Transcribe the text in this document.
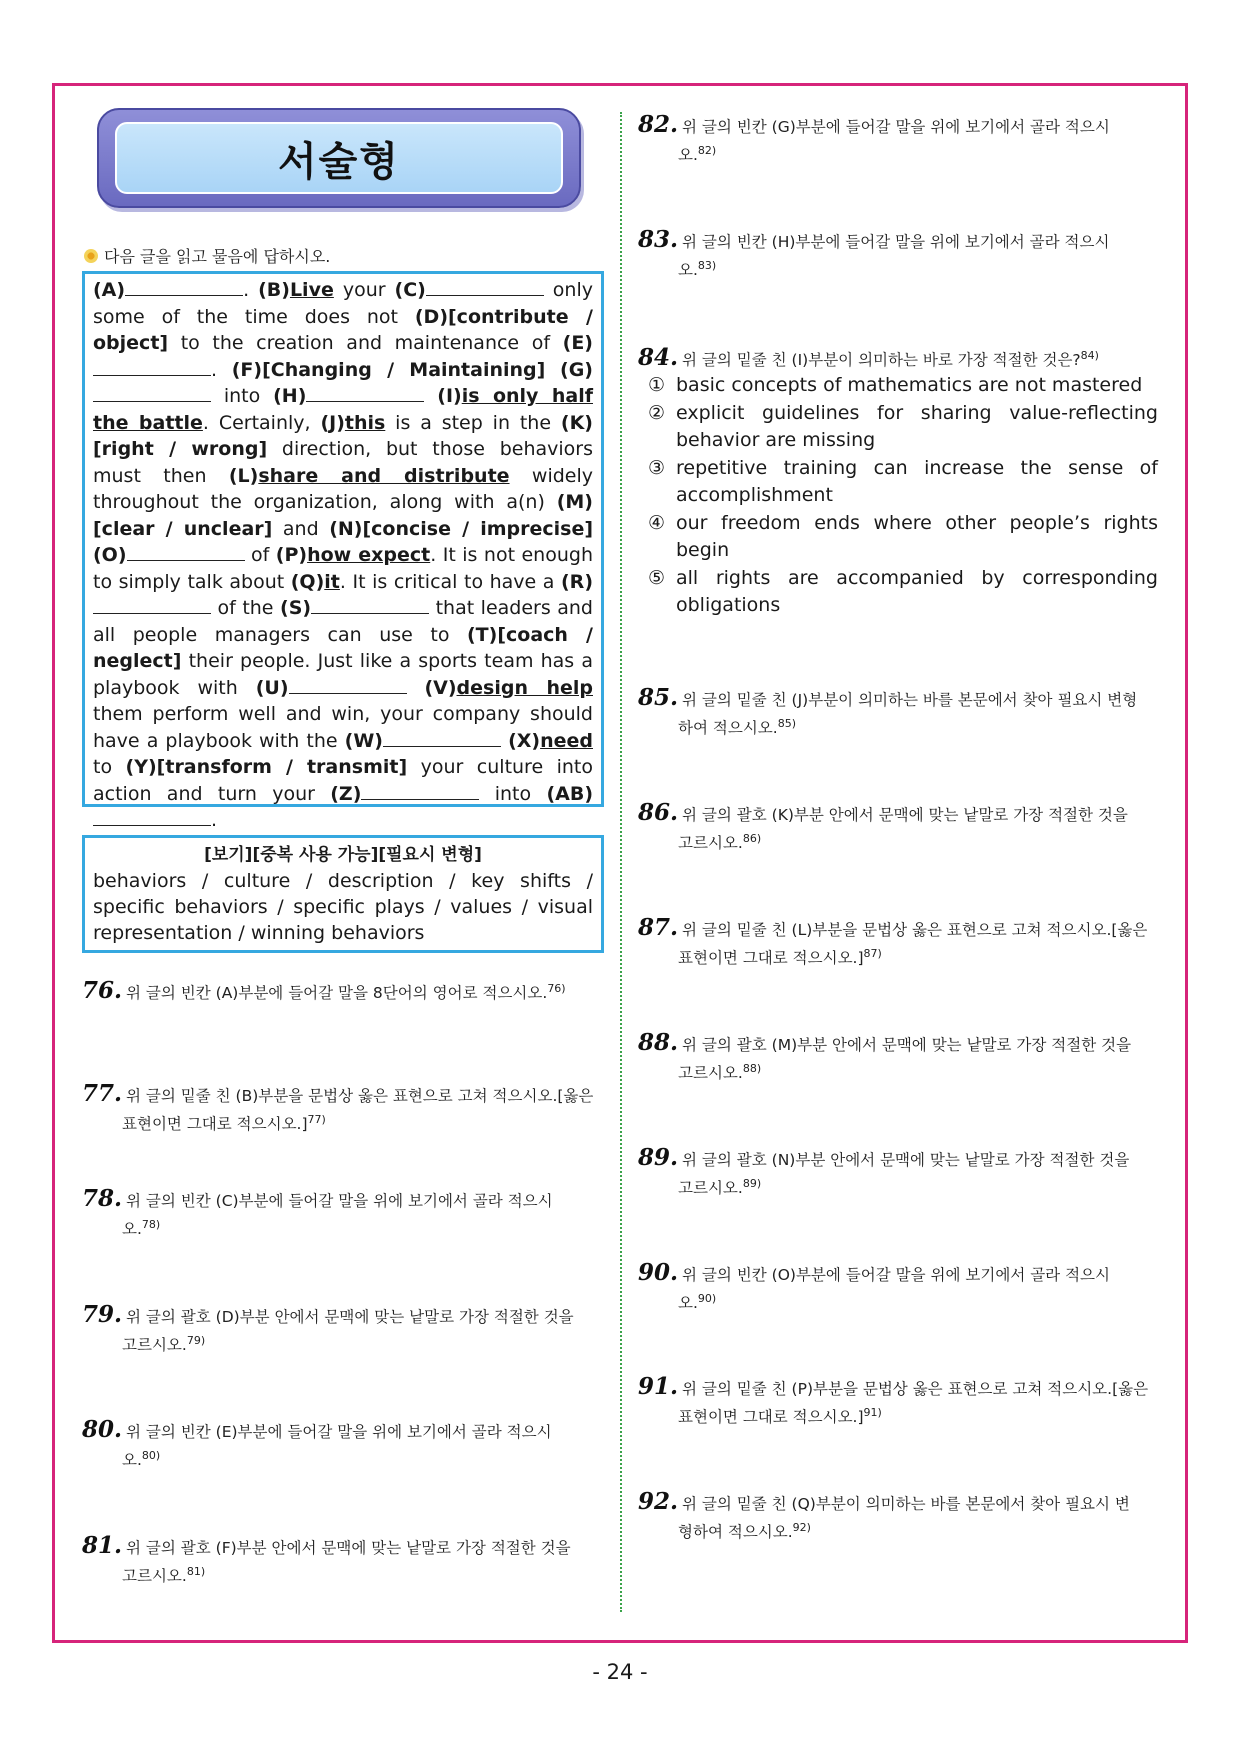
서술형
다음 글을 읽고 물음에 답하시오.
(A)	. (B)Live your (C)	only some of the time does not (D)[contribute / object] to the creation and maintenance of (E). (F)[Changing / Maintaining] (G) into (H)	(I)is only half the battle. Certainly, (J)this is a step in the (K)[right / wrong] direction, but those behaviors must then (L)share and distribute widely throughout the organization, along with a(n) (M)[clear / unclear] and (N)[concise / imprecise] (O)	of (P)how expect. It is not enough to simply talk about (Q)it. It is critical to have a (R) of the (S)	that leaders and all people managers can use to (T)[coach / neglect] their people. Just like a sports team has a playbook with (U)	(V)design help them perform well and win, your company should have a playbook with the (W)	(X)need to (Y)[transform / transmit] your culture into action and turn your (Z)	into (AB).
[보기][중복 사용 가능][필요시 변형]
behaviors / culture / description / key shifts / specific behaviors / specific plays / values / visual representation / winning behaviors
76. 위 글의 빈칸 (A)부분에 들어갈 말을 8단어의 영어로 적으시오.$^{76)}$
77. 위 글의 밑줄 친 (B)부분을 문법상 옳은 표현으로 고쳐 적으시오.[옳은
표현이면 그대로 적으시오.]$^{77)}$
78. 위 글의 빈칸 (C)부분에 들어갈 말을 위에 보기에서 골라 적으시
오.$^{78)}$
79. 위 글의 괄호 (D)부분 안에서 문맥에 맞는 낱말로 가장 적절한 것을
고르시오.$^{79)}$
80. 위 글의 빈칸 (E)부분에 들어갈 말을 위에 보기에서 골라 적으시
오.$^{80)}$
81. 위 글의 괄호 (F)부분 안에서 문맥에 맞는 낱말로 가장 적절한 것을
고르시오.$^{81)}$
82. 위 글의 빈칸 (G)부분에 들어갈 말을 위에 보기에서 골라 적으시
오.$^{82)}$
83. 위 글의 빈칸 (H)부분에 들어갈 말을 위에 보기에서 골라 적으시
오.$^{83)}$
84. 위 글의 밑줄 친 (I)부분이 의미하는 바로 가장 적절한 것은?$^{84)}$
① basic concepts of mathematics are not mastered
② explicit guidelines for sharing value-reflecting behavior are missing
③ repetitive training can increase the sense of accomplishment
④ our freedom ends where other people’s rights begin
⑤ all rights are accompanied by corresponding obligations
85. 위 글의 밑줄 친 (J)부분이 의미하는 바를 본문에서 찾아 필요시 변형
하여 적으시오.$^{85)}$
86. 위 글의 괄호 (K)부분 안에서 문맥에 맞는 낱말로 가장 적절한 것을
고르시오.$^{86)}$
87. 위 글의 밑줄 친 (L)부분을 문법상 옳은 표현으로 고쳐 적으시오.[옳은
표현이면 그대로 적으시오.]$^{87)}$
88. 위 글의 괄호 (M)부분 안에서 문맥에 맞는 낱말로 가장 적절한 것을
고르시오.$^{88)}$
89. 위 글의 괄호 (N)부분 안에서 문맥에 맞는 낱말로 가장 적절한 것을
고르시오.$^{89)}$
90. 위 글의 빈칸 (O)부분에 들어갈 말을 위에 보기에서 골라 적으시
오.$^{90)}$
91. 위 글의 밑줄 친 (P)부분을 문법상 옳은 표현으로 고쳐 적으시오.[옳은
표현이면 그대로 적으시오.]$^{91)}$
92. 위 글의 밑줄 친 (Q)부분이 의미하는 바를 본문에서 찾아 필요시 변
형하여 적으시오.$^{92)}$
- 24 -
